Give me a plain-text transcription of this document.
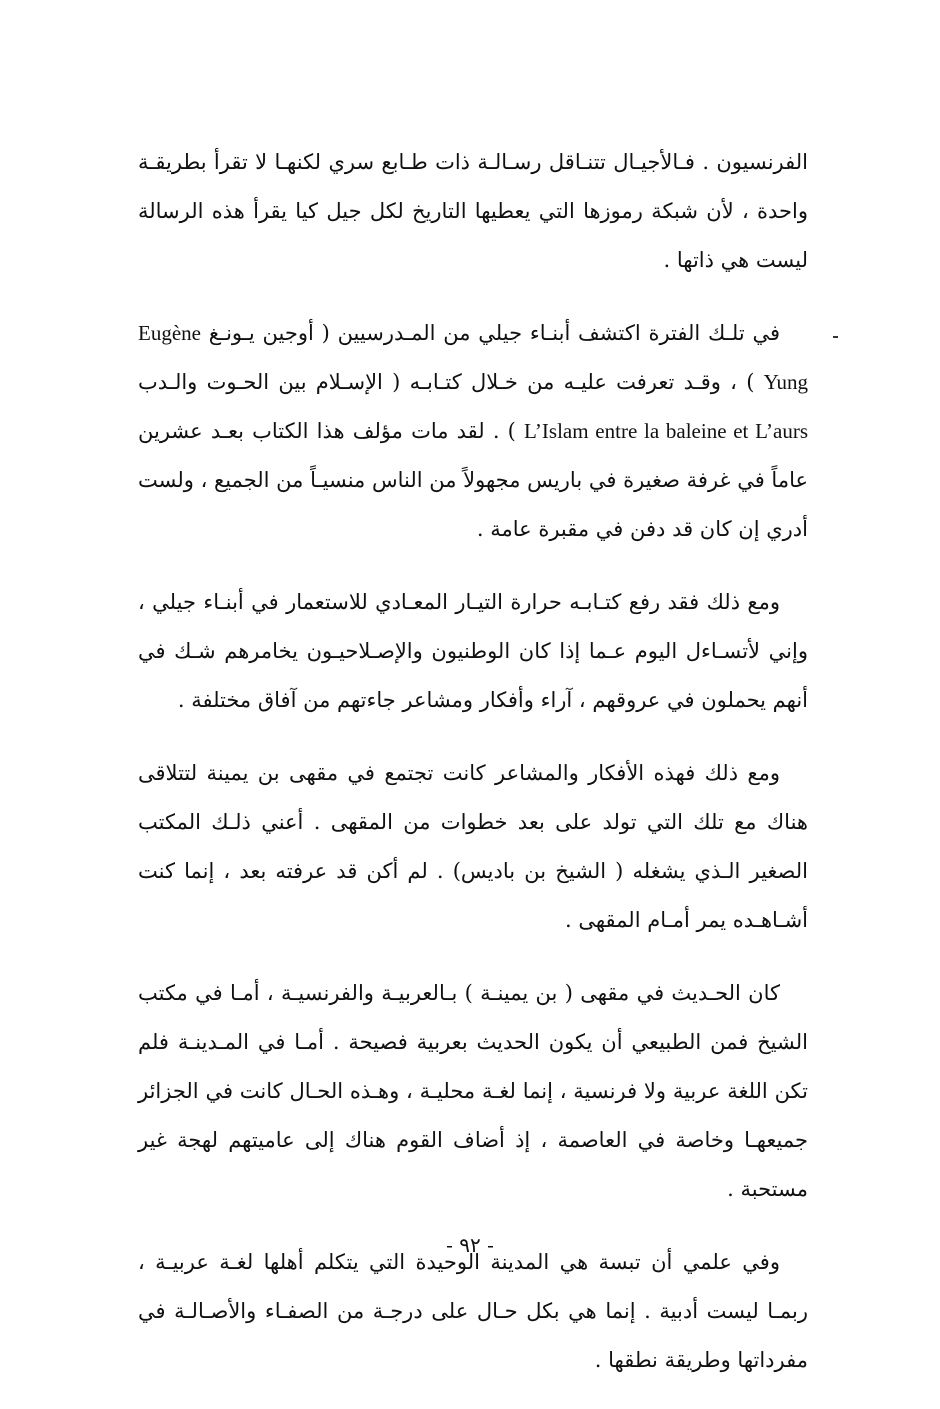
الفرنسيون . فـالأجيـال تتنـاقل رسـالـة ذات طـابع سري لكنهـا لا تقرأ بطريقـة واحدة ، لأن شبكة رموزها التي يعطيها التاريخ لكل جيل كيا يقرأ هذه الرسالة ليست هي ذاتها .

في تلـك الفترة اكتشف أبنـاء جيلي من المـدرسيين ( أوجين يـونـغ Eugène Yung ) ، وقـد تعرفت عليـه من خـلال كتـابـه ( الإسـلام بين الحـوت والـدب L’Islam entre la baleine et L’aurs ) . لقد مات مؤلف هذا الكتاب بعـد عشرين عاماً في غرفة صغيرة في باريس مجهولاً من الناس منسيـاً من الجميع ، ولست أدري إن كان قد دفن في مقبرة عامة .

ومع ذلك فقد رفع كتـابـه حرارة التيـار المعـادي للاستعمار في أبنـاء جيلي ، وإني لأتسـاءل اليوم عـما إذا كان الوطنيون والإصـلاحيـون يخامرهم شـك في أنهم يحملون في عروقهم ، آراء وأفكار ومشاعر جاءتهم من آفاق مختلفة .

ومع ذلك فهذه الأفكار والمشاعر كانت تجتمع في مقهى بن يمينة لتتلاقى هناك مع تلك التي تولد على بعد خطوات من المقهى . أعني ذلـك المكتب الصغير الـذي يشغله ( الشيخ بن باديس) . لم أكن قد عرفته بعد ، إنما كنت أشـاهـده يمر أمـام المقهى .

كان الحـديث في مقهى ( بن يمينـة ) بـالعربيـة والفرنسيـة ، أمـا في مكتب الشيخ فمن الطبيعي أن يكون الحديث بعربية فصيحة . أمـا في المـدينـة فلم تكن اللغة عربية ولا فرنسية ، إنما لغـة محليـة ، وهـذه الحـال كانت في الجزائر جميعهـا وخاصة في العاصمة ، إذ أضاف القوم هناك إلى عاميتهم لهجة غير مستحبة .

وفي علمي أن تبسة هي المدينة الوحيدة التي يتكلم أهلها لغـة عربيـة ، ربمـا ليست أدبية . إنما هي بكل حـال على درجـة من الصفـاء والأصـالـة في مفرداتها وطريقة نطقها .

- ٩٢ -
